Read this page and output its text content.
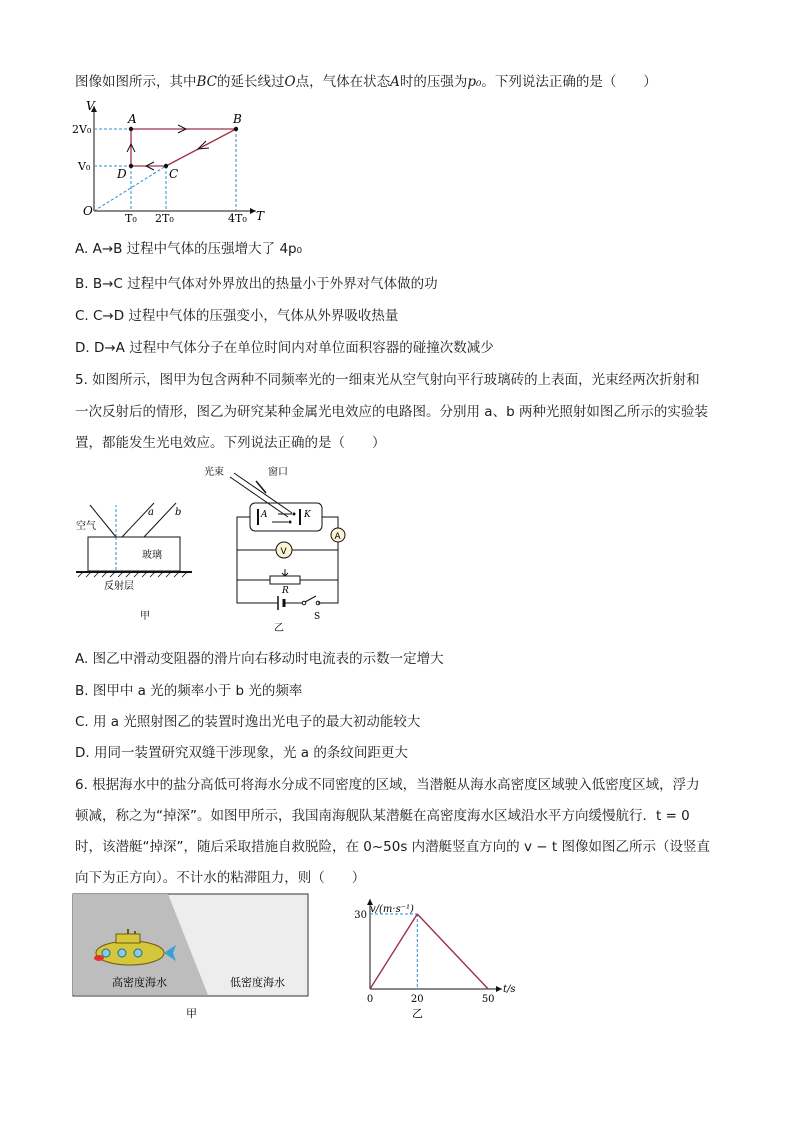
图像如图所示，其中BC的延长线过O点，气体在状态A时的压强为p₀。下列说法正确的是（　　）
V
T
O
2V₀
V₀
T₀ 2T₀	4T₀
A	B
C
D
A. A→B 过程中气体的压强增大了 4p₀
B. B→C 过程中气体对外界放出的热量小于外界对气体做的功
C. C→D 过程中气体的压强变小，气体从外界吸收热量
D. D→A 过程中气体分子在单位时间内对单位面积容器的碰撞次数减少
5. 如图所示，图甲为包含两种不同频率光的一细束光从空气射向平行玻璃砖的上表面，光束经两次折射和
一次反射后的情形，图乙为研究某种金属光电效应的电路图。分别用 a、b 两种光照射如图乙所示的实验装
置，都能发生光电效应。下列说法正确的是（　　）
a b
空气
玻璃
反射层
甲
光束	窗口
A	K
A
V
R
S
乙
A. 图乙中滑动变阻器的滑片向右移动时电流表的示数一定增大
B. 图甲中 a 光的频率小于 b 光的频率
C. 用 a 光照射图乙的装置时逸出光电子的最大初动能较大
D. 用同一装置研究双缝干涉现象，光 a 的条纹间距更大
6. 根据海水中的盐分高低可将海水分成不同密度的区域，当潜艇从海水高密度区域驶入低密度区域，浮力
顿减，称之为“掉深”。如图甲所示，我国南海舰队某潜艇在高密度海水区域沿水平方向缓慢航行．t = 0
时，该潜艇“掉深”，随后采取措施自救脱险，在 0~50s 内潜艇竖直方向的 v − t 图像如图乙所示（设竖直
向下为正方向）。不计水的粘滞阻力，则（　　）
高密度海水	低密度海水
甲
v/(m·s⁻¹)
t/s
0	20	50
30
乙
